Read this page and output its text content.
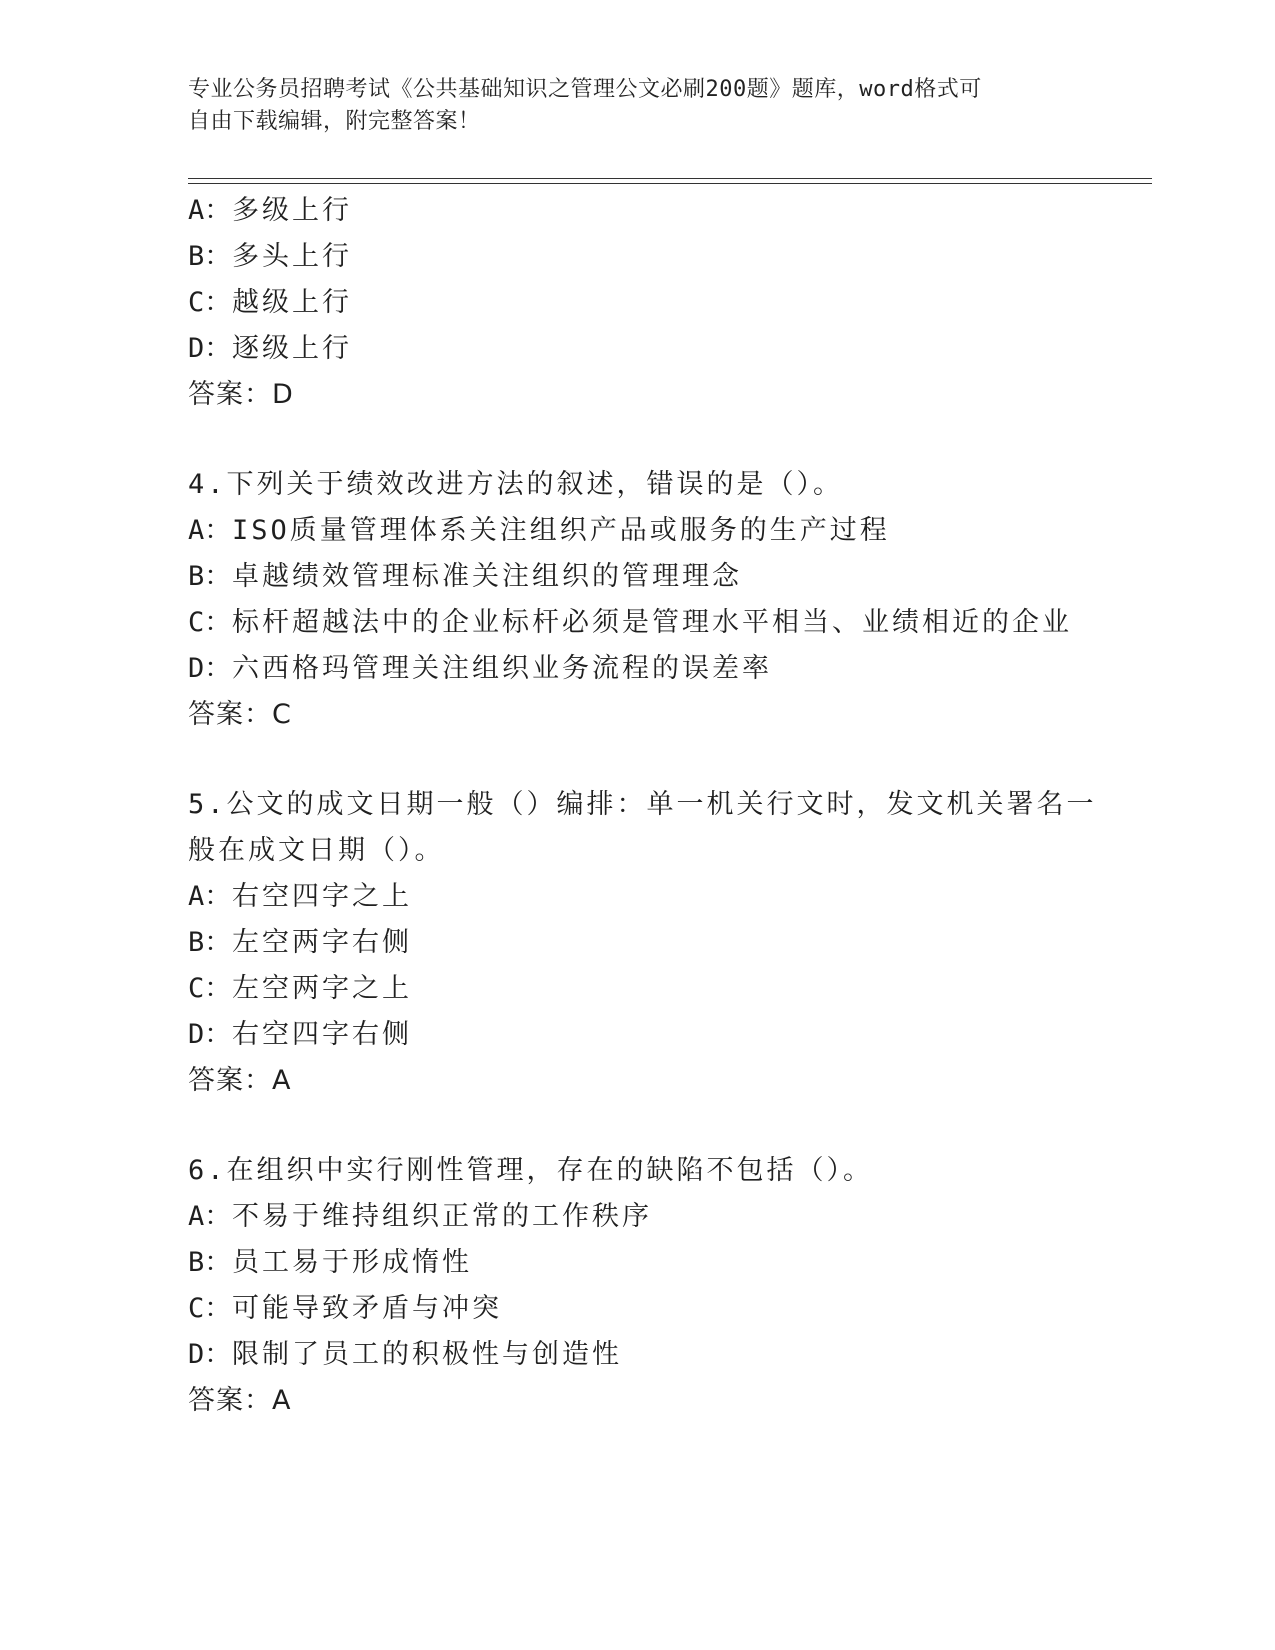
专业公务员招聘考试《公共基础知识之管理公文必刷200题》题库，word格式可
自由下载编辑，附完整答案！
A：多级上行
B：多头上行
C：越级上行
D：逐级上行
答案：D
4.下列关于绩效改进方法的叙述，错误的是（）。
A：ISO质量管理体系关注组织产品或服务的生产过程
B：卓越绩效管理标准关注组织的管理理念
C：标杆超越法中的企业标杆必须是管理水平相当、业绩相近的企业
D：六西格玛管理关注组织业务流程的误差率
答案：C
5.公文的成文日期一般（）编排：单一机关行文时，发文机关署名一
般在成文日期（）。
A：右空四字之上
B：左空两字右侧
C：左空两字之上
D：右空四字右侧
答案：A
6.在组织中实行刚性管理，存在的缺陷不包括（）。
A：不易于维持组织正常的工作秩序
B：员工易于形成惰性
C：可能导致矛盾与冲突
D：限制了员工的积极性与创造性
答案：A
